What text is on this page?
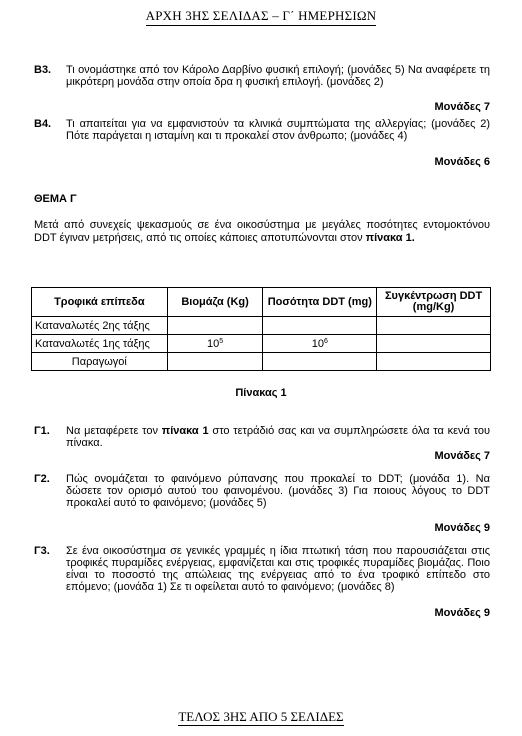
ΑΡΧΗ 3ΗΣ ΣΕΛΙΔΑΣ – Γ΄ ΗΜΕΡΗΣΙΩΝ
Β3. Τι ονομάστηκε από τον Κάρολο Δαρβίνο φυσική επιλογή; (μονάδες 5) Να αναφέρετε τη μικρότερη μονάδα στην οποία δρα η φυσική επιλογή. (μονάδες 2)
Μονάδες 7
Β4. Τι απαιτείται για να εμφανιστούν τα κλινικά συμπτώματα της αλλεργίας; (μονάδες 2) Πότε παράγεται η ισταμίνη και τι προκαλεί στον άνθρωπο; (μονάδες 4)
Μονάδες 6
ΘΕΜΑ Γ
Μετά από συνεχείς ψεκασμούς σε ένα οικοσύστημα με μεγάλες ποσότητες εντομοκτόνου DDT έγιναν μετρήσεις, από τις οποίες κάποιες αποτυπώνονται στον πίνακα 1.
Τροφικά επίπεδα	Βιομάζα (Kg)	Ποσότητα DDT (mg)	Συγκέντρωση DDT (mg/Kg)
Καταναλωτές 2ης τάξης			
Καταναλωτές 1ης τάξης	$10^5$	$10^6$	
Παραγωγοί			
Πίνακας 1
Γ1. Να μεταφέρετε τον πίνακα 1 στο τετράδιό σας και να συμπληρώσετε όλα τα κενά του πίνακα.
Μονάδες 7
Γ2. Πώς ονομάζεται το φαινόμενο ρύπανσης που προκαλεί το DDT; (μονάδα 1). Να δώσετε τον ορισμό αυτού του φαινομένου. (μονάδες 3) Για ποιους λόγους το DDT προκαλεί αυτό το φαινόμενο; (μονάδες 5)
Μονάδες 9
Γ3. Σε ένα οικοσύστημα σε γενικές γραμμές η ίδια πτωτική τάση που παρουσιάζεται στις τροφικές πυραμίδες ενέργειας, εμφανίζεται και στις τροφικές πυραμίδες βιομάζας. Ποιο είναι το ποσοστό της απώλειας της ενέργειας από το ένα τροφικό επίπεδο στο επόμενο; (μονάδα 1) Σε τι οφείλεται αυτό το φαινόμενο; (μονάδες 8)
Μονάδες 9
ΤΕΛΟΣ 3ΗΣ ΑΠΟ 5 ΣΕΛΙΔΕΣ
